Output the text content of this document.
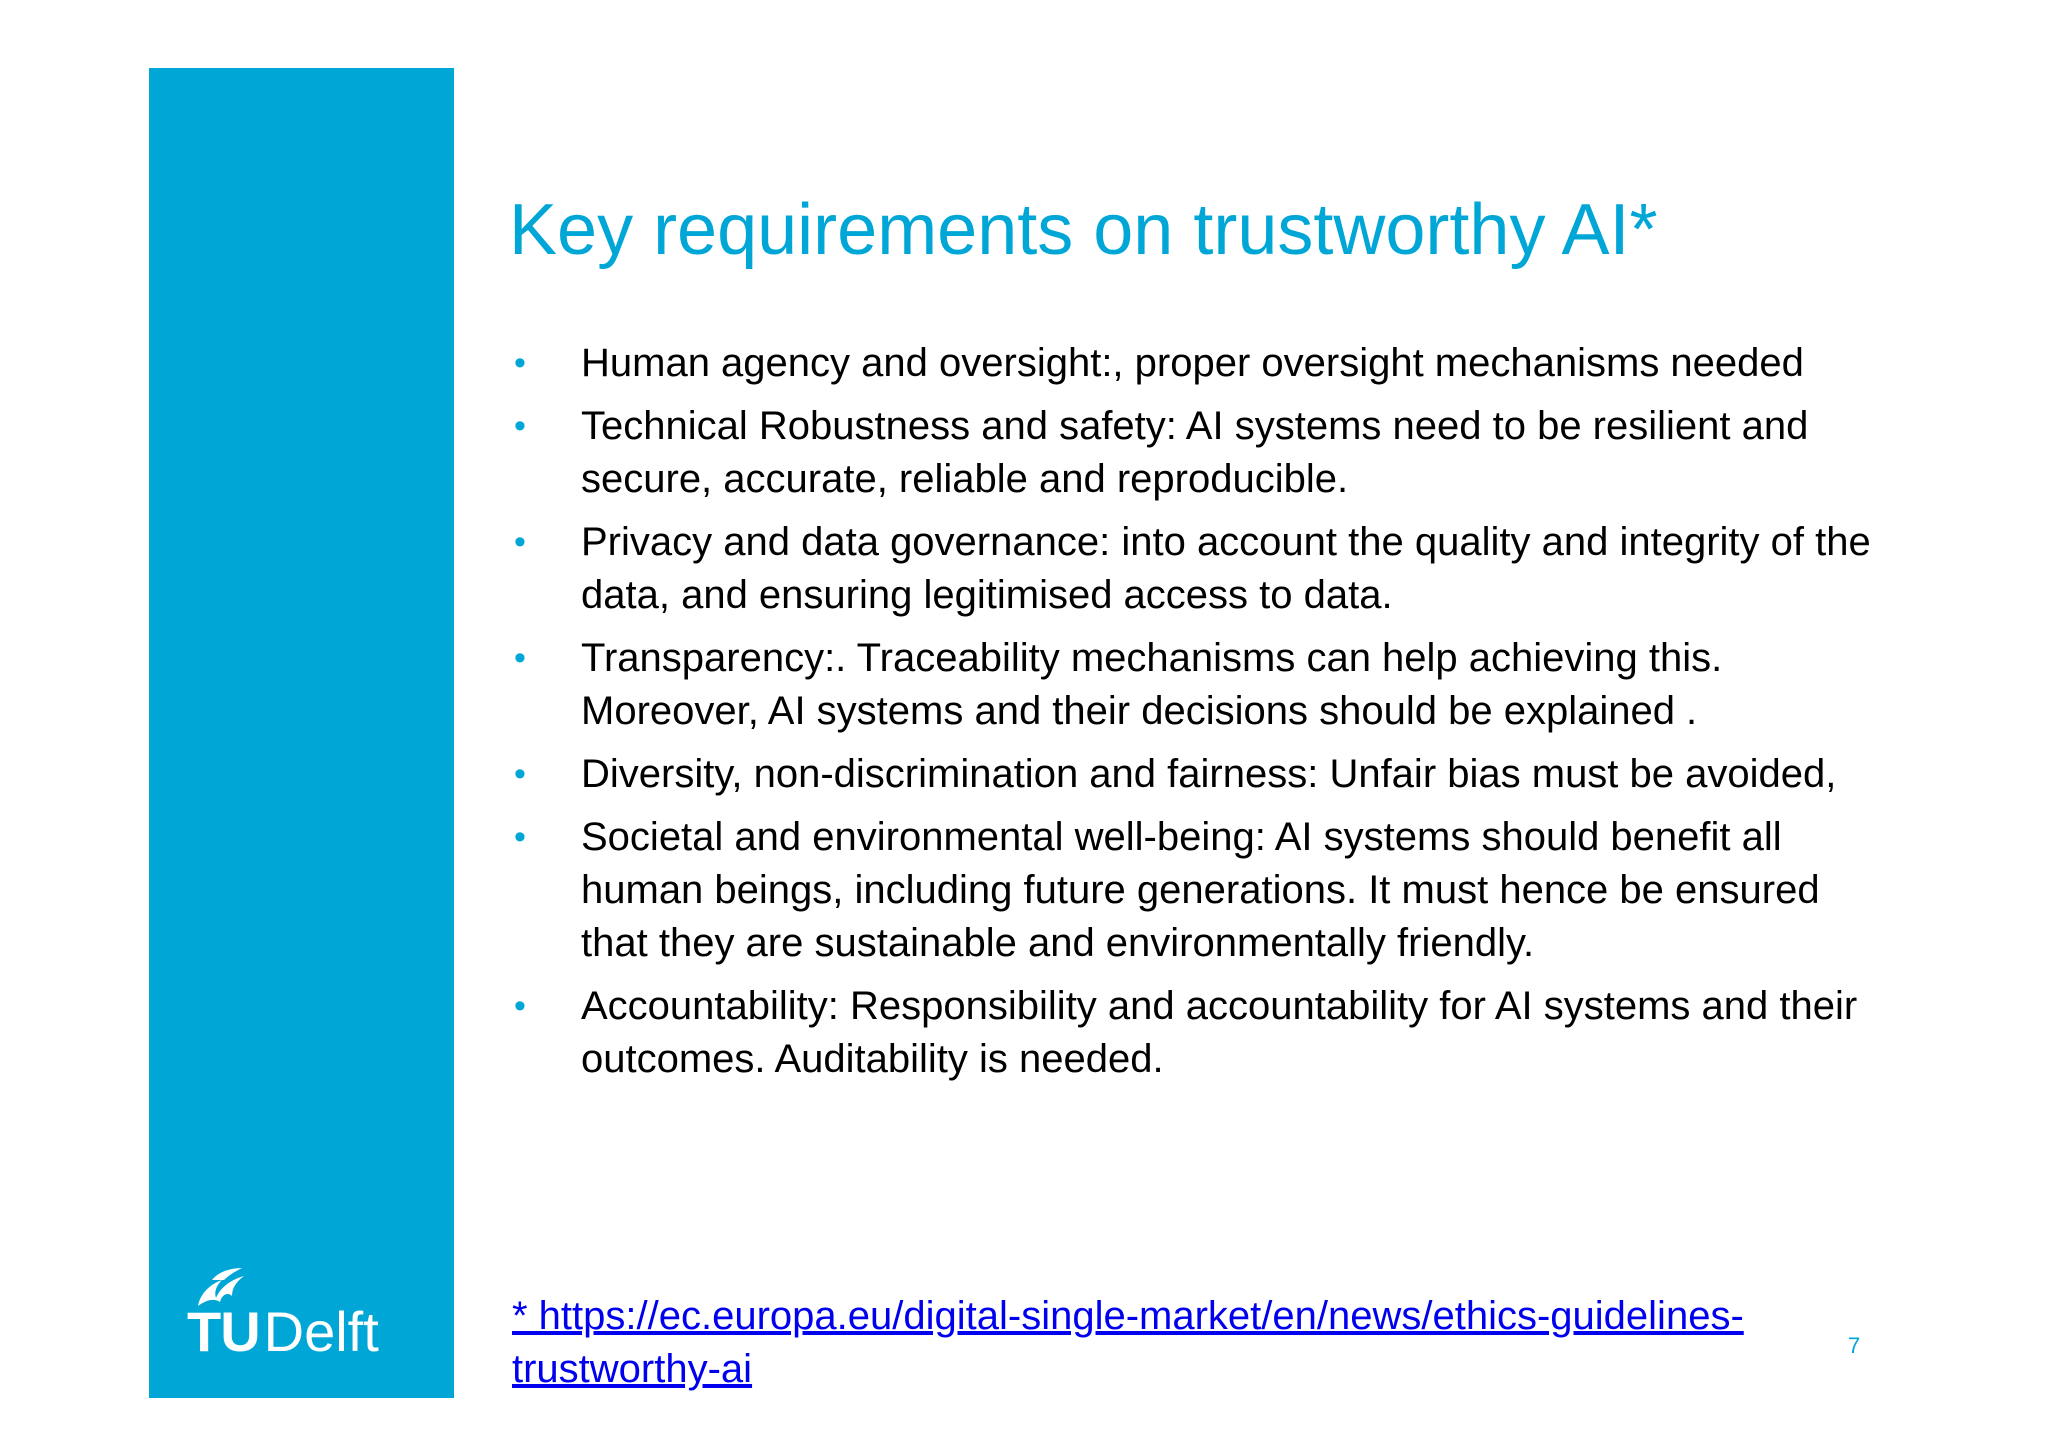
TUDelft
Key requirements on trustworthy AI*
• Human agency and oversight:, proper oversight mechanisms needed
• Technical Robustness and safety: AI systems need to be resilient and secure, accurate, reliable and reproducible.
• Privacy and data governance: into account the quality and integrity of the data, and ensuring legitimised access to data.
• Transparency:. Traceability mechanisms can help achieving this. Moreover, AI systems and their decisions should be explained .
• Diversity, non-discrimination and fairness: Unfair bias must be avoided,
• Societal and environmental well-being: AI systems should benefit all human beings, including future generations. It must hence be ensured that they are sustainable and environmentally friendly.
• Accountability: Responsibility and accountability for AI systems and their outcomes. Auditability is needed.
* https://ec.europa.eu/digital-single-market/en/news/ethics-guidelines-trustworthy-ai
7
